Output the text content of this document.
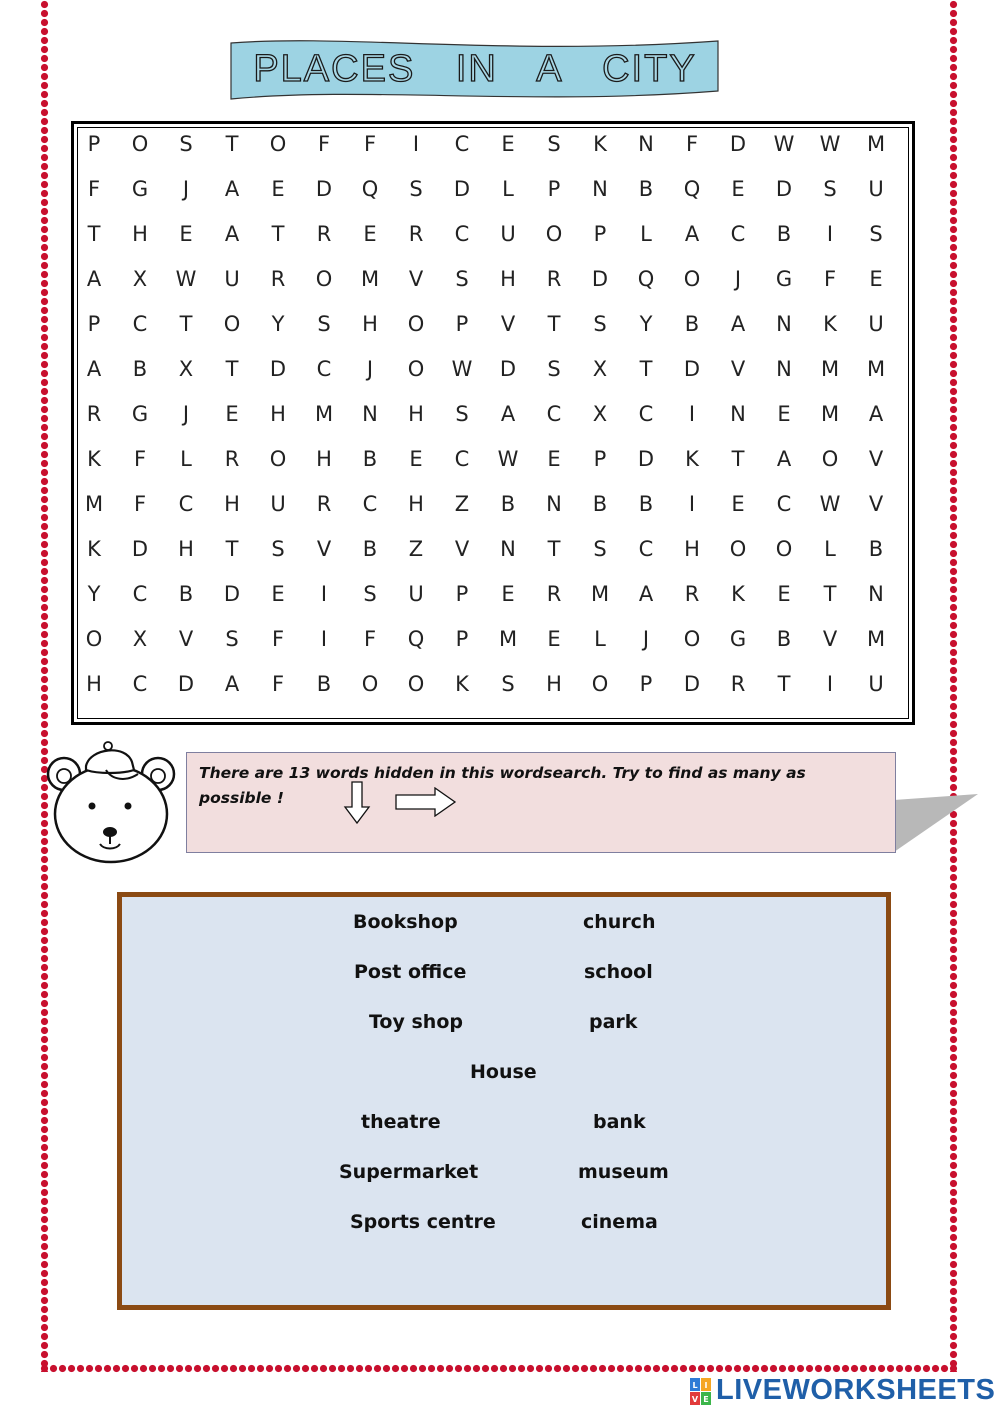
PLACES IN A CITY
P	O	S	T	O	F	F	I	C	E	S	K	N	F	D	W	W	M
F	G	J	A	E	D	Q	S	D	L	P	N	B	Q	E	D	S	U
T	H	E	A	T	R	E	R	C	U	O	P	L	A	C	B	I	S
A	X	W	U	R	O	M	V	S	H	R	D	Q	O	J	G	F	E
P	C	T	O	Y	S	H	O	P	V	T	S	Y	B	A	N	K	U
A	B	X	T	D	C	J	O	W	D	S	X	T	D	V	N	M	M
R	G	J	E	H	M	N	H	S	A	C	X	C	I	N	E	M	A
K	F	L	R	O	H	B	E	C	W	E	P	D	K	T	A	O	V
M	F	C	H	U	R	C	H	Z	B	N	B	B	I	E	C	W	V
K	D	H	T	S	V	B	Z	V	N	T	S	C	H	O	O	L	B
Y	C	B	D	E	I	S	U	P	E	R	M	A	R	K	E	T	N
O	X	V	S	F	I	F	Q	P	M	E	L	J	O	G	B	V	M
H	C	D	A	F	B	O	O	K	S	H	O	P	D	R	T	I	U
There are 13 words hidden in this wordsearch. Try to find as many as possible !
Bookshop	church
Post office	school
Toy shop	park
House
theatre	bank
Supermarket	museum
Sports centre	cinema
L I
V E LIVEWORKSHEETS
